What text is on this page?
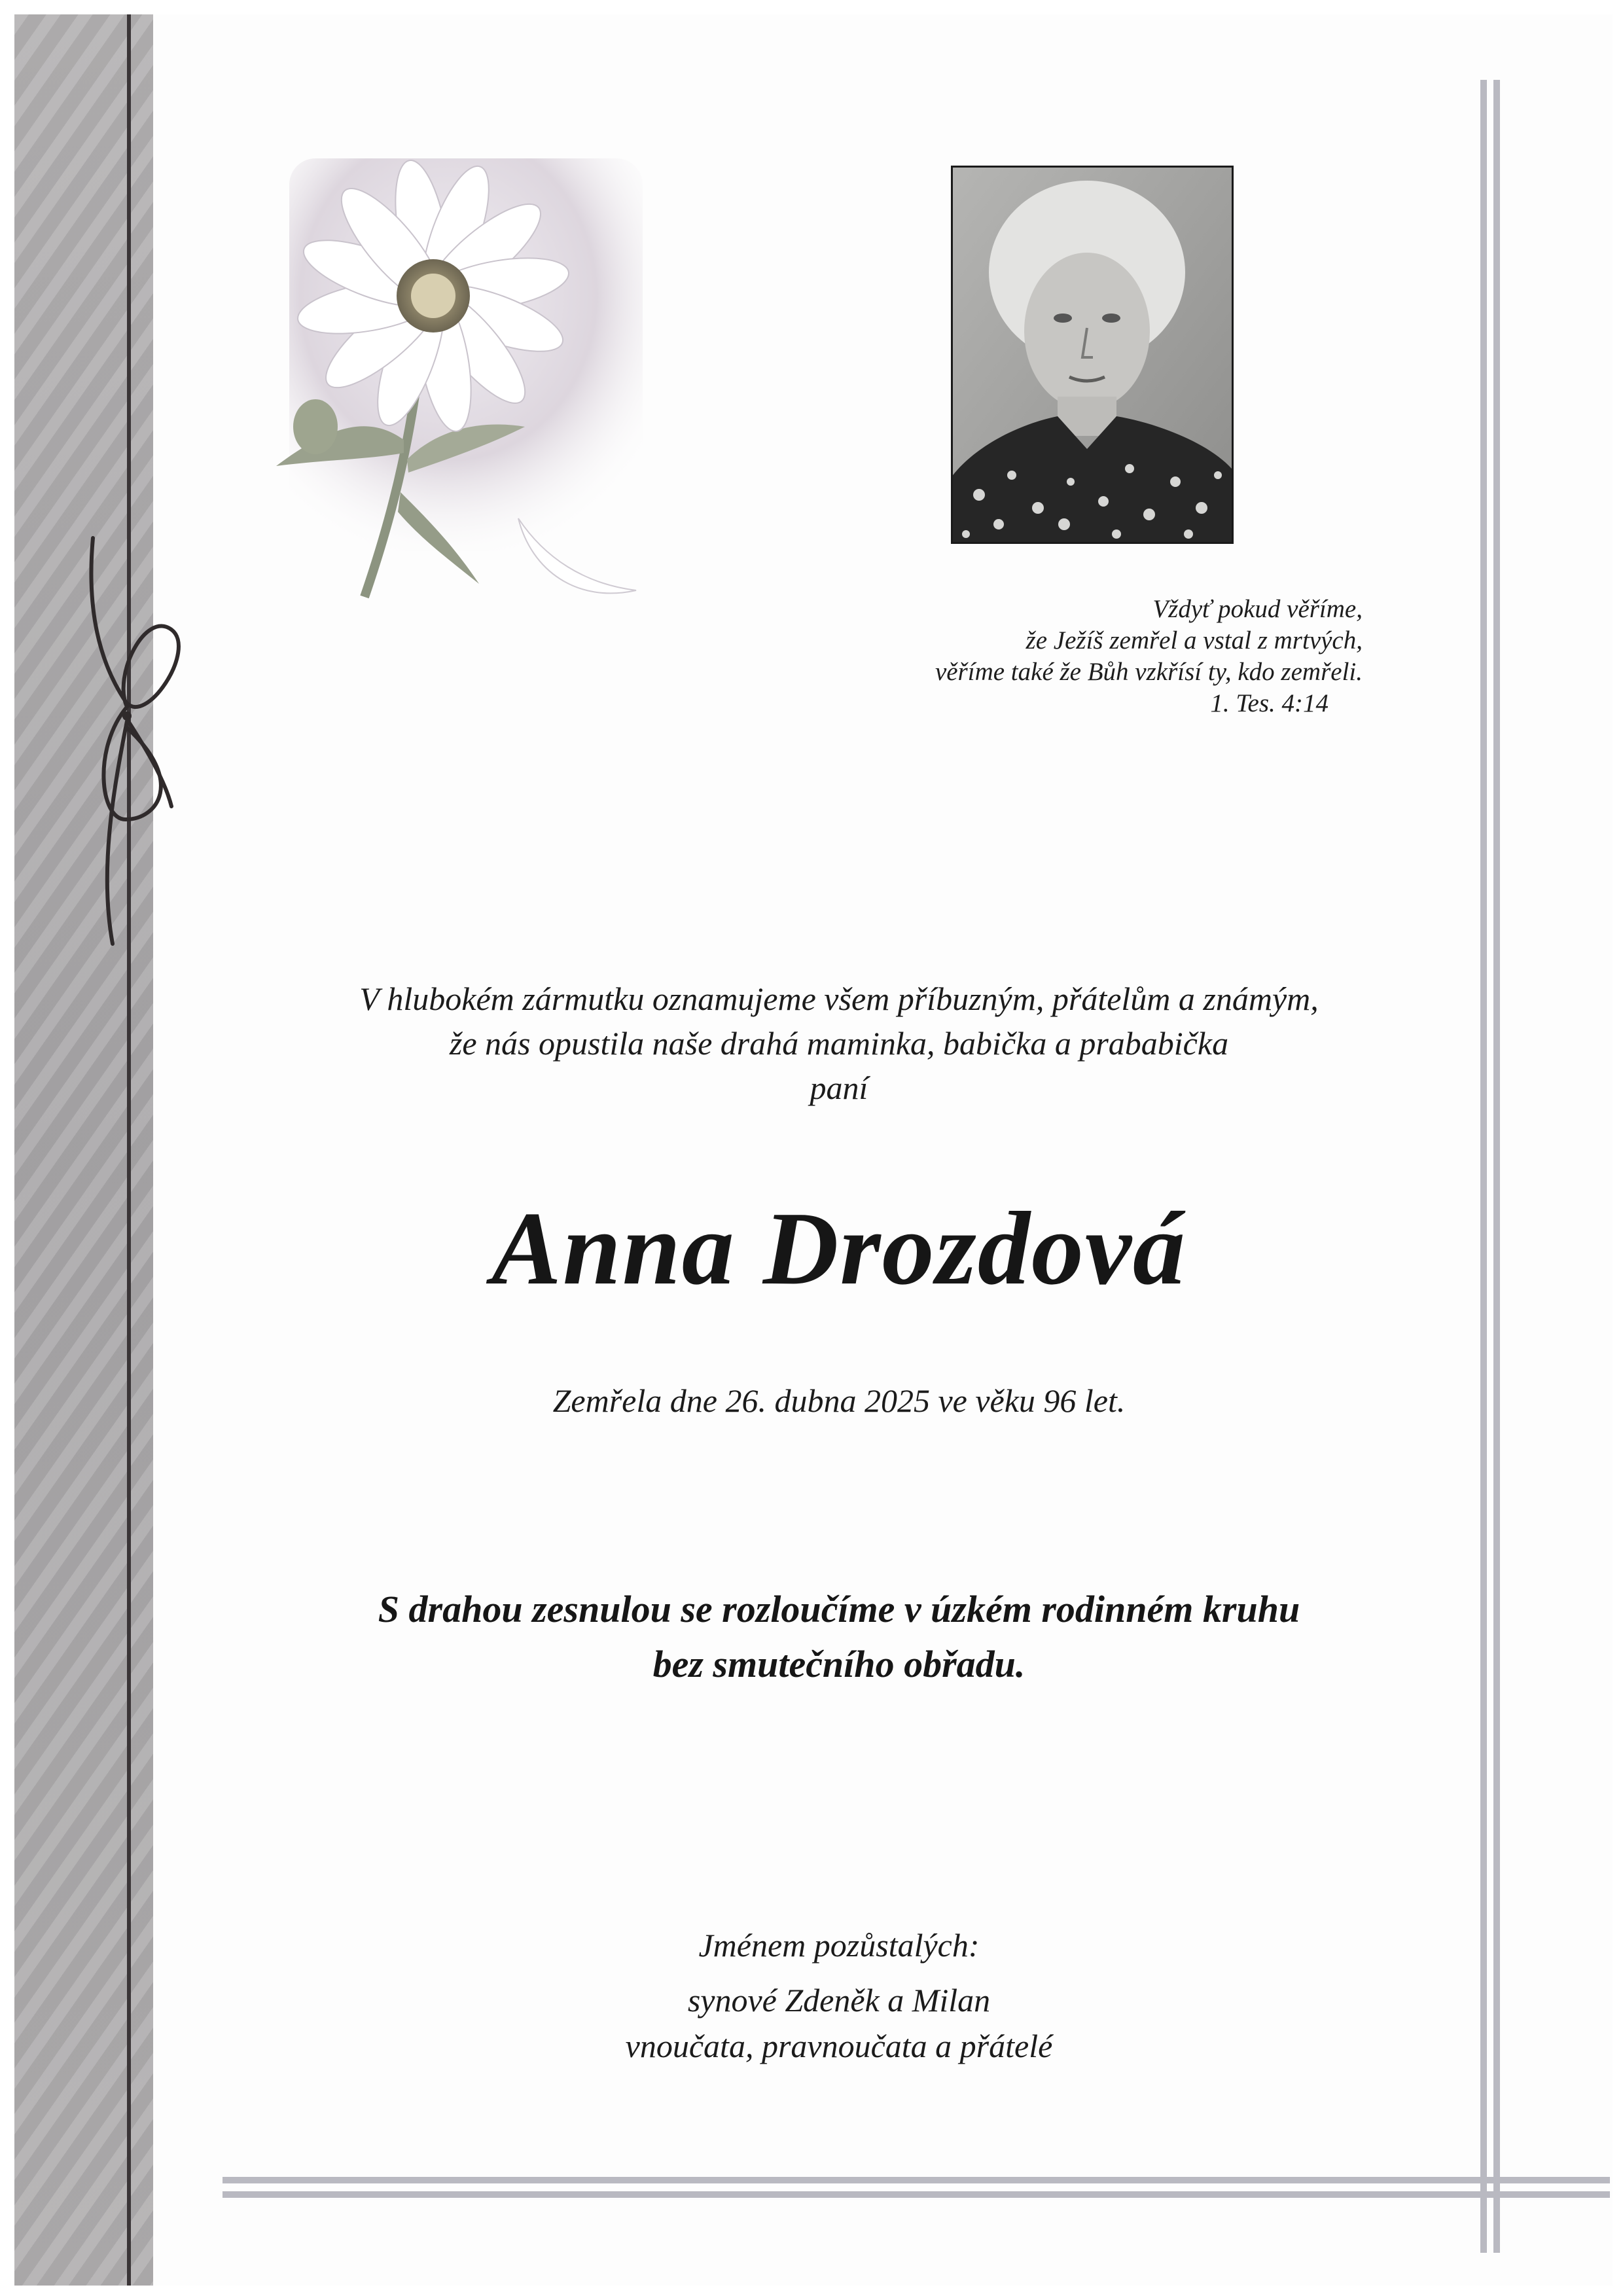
Vždyť pokud věříme,
že Ježíš zemřel a vstal z mrtvých,
věříme také že Bůh vzkřísí ty, kdo zemřeli.
1. Tes. 4:14
V hlubokém zármutku oznamujeme všem příbuzným, přátelům a známým,
že nás opustila naše drahá maminka, babička a prababička
paní
Anna Drozdová
Zemřela dne 26. dubna 2025 ve věku 96 let.
S drahou zesnulou se rozloučíme v úzkém rodinném kruhu
bez smutečního obřadu.
Jménem pozůstalých:
synové Zdeněk a Milan
vnoučata, pravnoučata a přátelé
